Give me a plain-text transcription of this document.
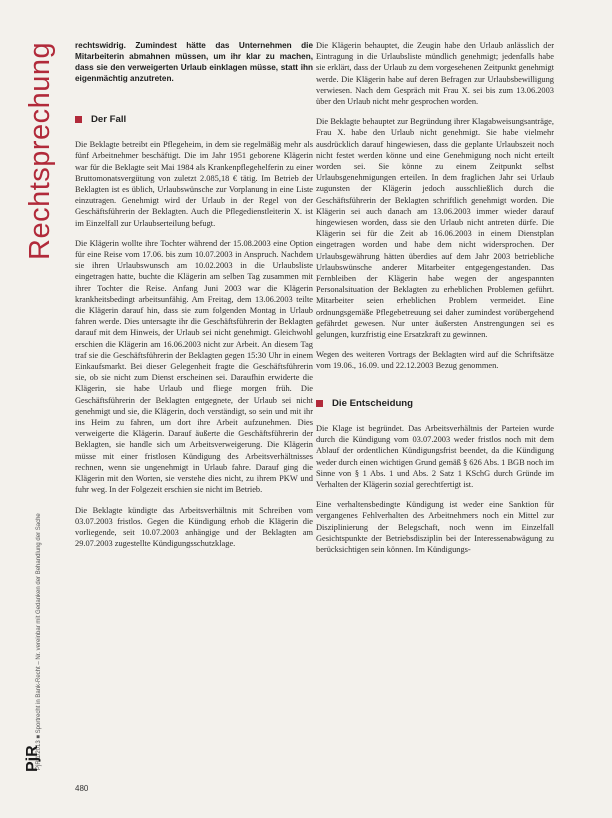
Rechtsprechung
PjR 1/2013 ■ Sportrecht in Bank-Recht – Nr. vereinbar mit Gedanken der Behandlung der Sache
PjR

rechtswidrig. Zumindest hätte das Unternehmen die Mitarbeiterin abmahnen müssen, um ihr klar zu machen, dass sie den verweigerten Urlaub einklagen müsse, statt ihn eigenmächtig anzutreten.

Der Fall

Die Beklagte betreibt ein Pflegeheim, in dem sie regelmäßig mehr als fünf Arbeitnehmer beschäftigt. Die im Jahr 1951 geborene Klägerin war für die Beklagte seit Mai 1984 als Krankenpflegehelferin zu einer Bruttomonatsvergütung von zuletzt 2.085,18 € tätig. Im Betrieb der Beklagten ist es üblich, Urlaubswünsche zur Vorplanung in eine Liste einzutragen. Genehmigt wird der Urlaub in der Regel von der Geschäftsführerin der Beklagten. Auch die Pflegedienstleiterin X. ist im Einzelfall zur Urlaubserteilung befugt.

Die Klägerin wollte ihre Tochter während der 15.08.2003 eine Option für eine Reise vom 17.06. bis zum 10.07.2003 in Anspruch. Nachdem sie ihren Urlaubswunsch am 10.02.2003 in die Urlaubsliste eingetragen hatte, buchte die Klägerin am selben Tag zusammen mit ihrer Tochter die Reise. Anfang Juni 2003 war die Klägerin krankheitsbedingt arbeitsunfähig. Am Freitag, dem 13.06.2003 teilte die Klägerin darauf hin, dass sie zum folgenden Montag in Urlaub fahren werde. Dies untersagte ihr die Geschäftsführerin der Beklagten darauf mit dem Hinweis, der Urlaub sei nicht genehmigt. Gleichwohl erschien die Klägerin am 16.06.2003 nicht zur Arbeit. An diesem Tag traf sie die Geschäftsführerin der Beklagten gegen 15:30 Uhr in einem Einkaufsmarkt. Bei dieser Gelegenheit fragte die Geschäftsführerin sie, ob sie nicht zum Dienst erscheinen sei. Daraufhin erwiderte die Klägerin, sie habe Urlaub und fliege morgen früh. Die Geschäftsführerin der Beklagten entgegnete, der Urlaub sei nicht genehmigt und sie, die Klägerin, doch verständigt, so sein und mit ihr ins Heim zu fahren, um dort ihre Arbeit aufzunehmen. Dies verweigerte die Klägerin. Darauf äußerte die Geschäftsführerin der Beklagten, sie handle sich um Arbeitsverweigerung. Die Klägerin müsse mit einer fristlosen Kündigung des Arbeitsverhältnisses rechnen, wenn sie ungenehmigt in Urlaub fahre. Darauf ging die Klägerin mit den Worten, sie verstehe dies nicht, zu ihrem PKW und fuhr weg. In der Folgezeit erschien sie nicht im Betrieb.

Die Beklagte kündigte das Arbeitsverhältnis mit Schreiben vom 03.07.2003 fristlos. Gegen die Kündigung erhob die Klägerin die vorliegende, seit 10.07.2003 anhängige und der Beklagten am 29.07.2003 zugestellte Kündigungsschutzklage.

Die Klägerin behauptet, die Zeugin habe den Urlaub anlässlich der Eintragung in die Urlaubsliste mündlich genehmigt; jedenfalls habe sie erklärt, dass der Urlaub zu dem vorgesehenen Zeitpunkt genehmigt werde. Die Klägerin habe auf deren Befragen zur Urlaubsbewilligung verwiesen. Nach dem Gespräch mit Frau X. sei bis zum 13.06.2003 über den Urlaub nicht mehr gesprochen worden.

Die Beklagte behauptet zur Begründung ihrer Klagabweisungsanträge, Frau X. habe den Urlaub nicht genehmigt. Sie habe vielmehr ausdrücklich darauf hingewiesen, dass die geplante Urlaubszeit noch nicht festet werden könne und eine Genehmigung noch nicht erteilt worden sei. Sie könne zu einem Zeitpunkt selbst Urlaubsgenehmigungen erteilen. In dem fraglichen Jahr sei Urlaub zugunsten der Klägerin jedoch ausschließlich durch die Geschäftsführerin der Beklagten schriftlich genehmigt worden. Die Klägerin sei auch danach am 13.06.2003 immer wieder darauf hingewiesen worden, dass sie den Urlaub nicht antreten dürfe. Die Klägerin sei für die Zeit ab 16.06.2003 in einem Dienstplan eingetragen worden und habe dem nicht widersprochen. Der Urlaubsgewährung hätten überdies auf dem Jahr 2003 betriebliche Urlaubswünsche anderer Mitarbeiter entgegengestanden. Das Fernbleiben der Klägerin habe wegen der angespannten Personalsituation der Beklagten zu erheblichen Problemen geführt. Mitarbeiter seien erheblichen Problem vermeidet. Eine ordnungsgemäße Pflegebetreuung sei daher zumindest vorübergehend gefährdet gewesen. Nur unter äußersten Anstrengungen sei es gelungen, kurzfristig eine Ersatzkraft zu gewinnen.

Wegen des weiteren Vortrags der Beklagten wird auf die Schriftsätze vom 19.06., 16.09. und 22.12.2003 Bezug genommen.

Die Entscheidung

Die Klage ist begründet. Das Arbeitsverhältnis der Parteien wurde durch die Kündigung vom 03.07.2003 weder fristlos noch mit dem Ablauf der ordentlichen Kündigungsfrist beendet, da die Kündigung weder durch einen wichtigen Grund gemäß § 626 Abs. 1 BGB noch im Sinne von § 1 Abs. 1 und Abs. 2 Satz 1 KSchG durch Gründe im Verhalten der Klägerin sozial gerechtfertigt ist.

Eine verhaltensbedingte Kündigung ist weder eine Sanktion für vergangenes Fehlverhalten des Arbeitnehmers noch ein Mittel zur Disziplinierung der Belegschaft, noch wenn im Einzelfall Gesichtspunkte der Betriebsdisziplin bei der Interessenabwägung zu berücksichtigen sein können. Im Kündigungs-

480
